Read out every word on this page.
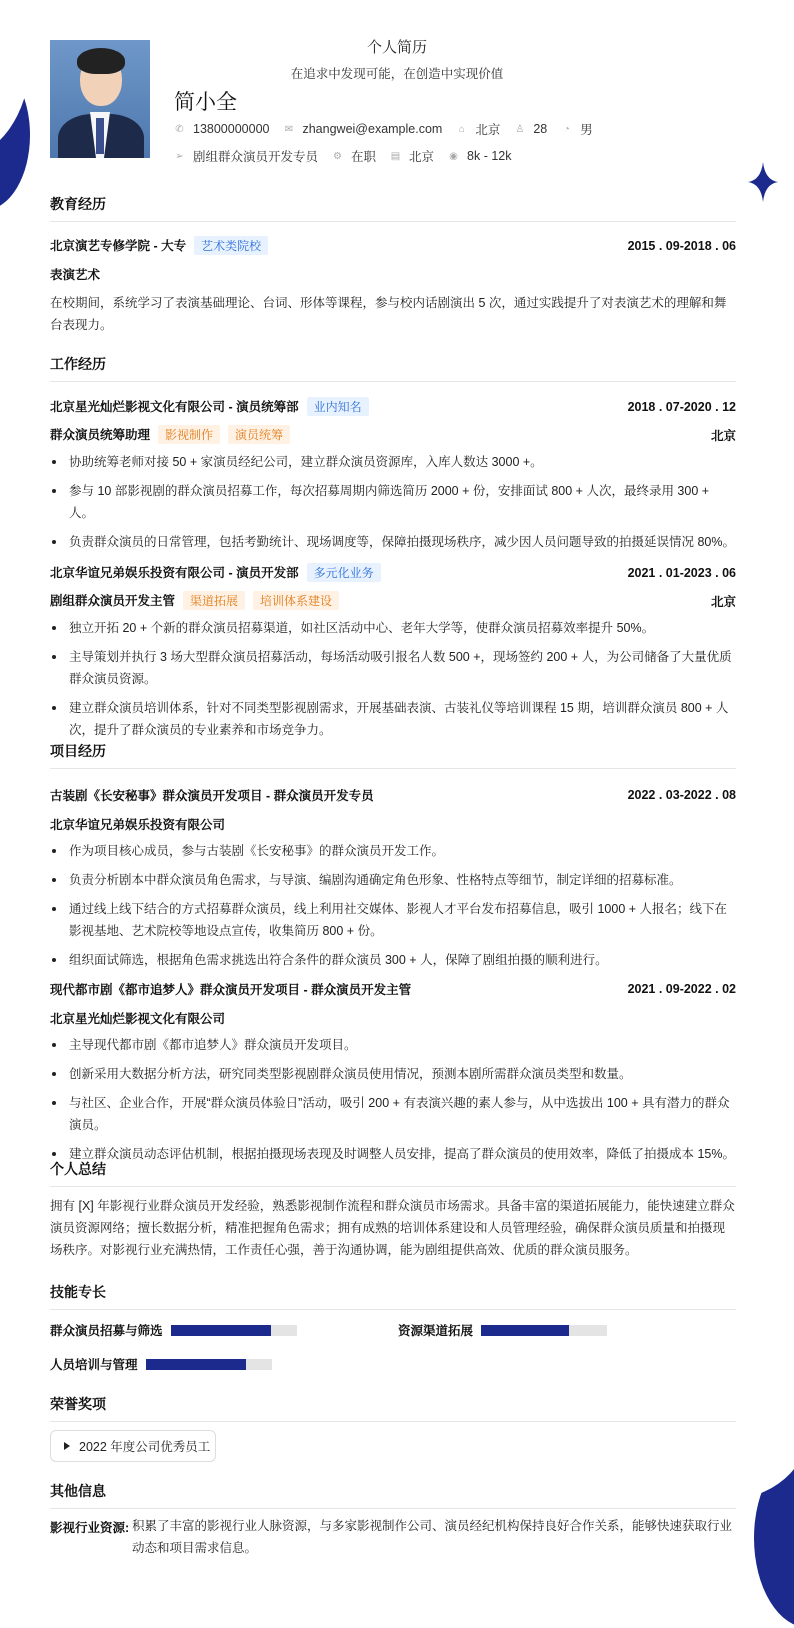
个人简历
在追求中发现可能，在创造中实现价值
简小全
✆ 13800000000 ✉ zhangwei@example.com ⌂ 北京 ♙ 28 ◔ 男
➢ 剧组群众演员开发专员 ⚙ 在职 ▤ 北京 ◉ 8k - 12k
教育经历
北京演艺专修学院 - 大专 艺术类院校	2015 . 09-2018 . 06
表演艺术
在校期间，系统学习了表演基础理论、台词、形体等课程，参与校内话剧演出 5 次，通过实践提升了对表演艺术的理解和舞台表现力。
工作经历
北京星光灿烂影视文化有限公司 - 演员统筹部 业内知名	2018 . 07-2020 . 12
群众演员统筹助理 影视制作 演员统筹	北京
协助统筹老师对接 50 + 家演员经纪公司，建立群众演员资源库，入库人数达 3000 +。
参与 10 部影视剧的群众演员招募工作，每次招募周期内筛选简历 2000 + 份，安排面试 800 + 人次，最终录用 300 + 人。
负责群众演员的日常管理，包括考勤统计、现场调度等，保障拍摄现场秩序，减少因人员问题导致的拍摄延误情况 80%。
北京华谊兄弟娱乐投资有限公司 - 演员开发部 多元化业务	2021 . 01-2023 . 06
剧组群众演员开发主管 渠道拓展 培训体系建设	北京
独立开拓 20 + 个新的群众演员招募渠道，如社区活动中心、老年大学等，使群众演员招募效率提升 50%。
主导策划并执行 3 场大型群众演员招募活动，每场活动吸引报名人数 500 +，现场签约 200 + 人，为公司储备了大量优质群众演员资源。
建立群众演员培训体系，针对不同类型影视剧需求，开展基础表演、古装礼仪等培训课程 15 期，培训群众演员 800 + 人次，提升了群众演员的专业素养和市场竞争力。
项目经历
古装剧《长安秘事》群众演员开发项目 - 群众演员开发专员	2022 . 03-2022 . 08
北京华谊兄弟娱乐投资有限公司
作为项目核心成员，参与古装剧《长安秘事》的群众演员开发工作。
负责分析剧本中群众演员角色需求，与导演、编剧沟通确定角色形象、性格特点等细节，制定详细的招募标准。
通过线上线下结合的方式招募群众演员，线上利用社交媒体、影视人才平台发布招募信息，吸引 1000 + 人报名；线下在影视基地、艺术院校等地设点宣传，收集简历 800 + 份。
组织面试筛选，根据角色需求挑选出符合条件的群众演员 300 + 人，保障了剧组拍摄的顺利进行。
现代都市剧《都市追梦人》群众演员开发项目 - 群众演员开发主管	2021 . 09-2022 . 02
北京星光灿烂影视文化有限公司
主导现代都市剧《都市追梦人》群众演员开发项目。
创新采用大数据分析方法，研究同类型影视剧群众演员使用情况，预测本剧所需群众演员类型和数量。
与社区、企业合作，开展“群众演员体验日”活动，吸引 200 + 有表演兴趣的素人参与，从中选拔出 100 + 具有潜力的群众演员。
建立群众演员动态评估机制，根据拍摄现场表现及时调整人员安排，提高了群众演员的使用效率，降低了拍摄成本 15%。
个人总结
拥有 [X] 年影视行业群众演员开发经验，熟悉影视制作流程和群众演员市场需求。具备丰富的渠道拓展能力，能快速建立群众演员资源网络；擅长数据分析，精准把握角色需求；拥有成熟的培训体系建设和人员管理经验，确保群众演员质量和拍摄现场秩序。对影视行业充满热情，工作责任心强，善于沟通协调，能为剧组提供高效、优质的群众演员服务。
技能专长
群众演员招募与筛选	资源渠道拓展
人员培训与管理
荣誉奖项
2022 年度公司优秀员工
其他信息
影视行业资源: 积累了丰富的影视行业人脉资源，与多家影视制作公司、演员经纪机构保持良好合作关系，能够快速获取行业动态和项目需求信息。
